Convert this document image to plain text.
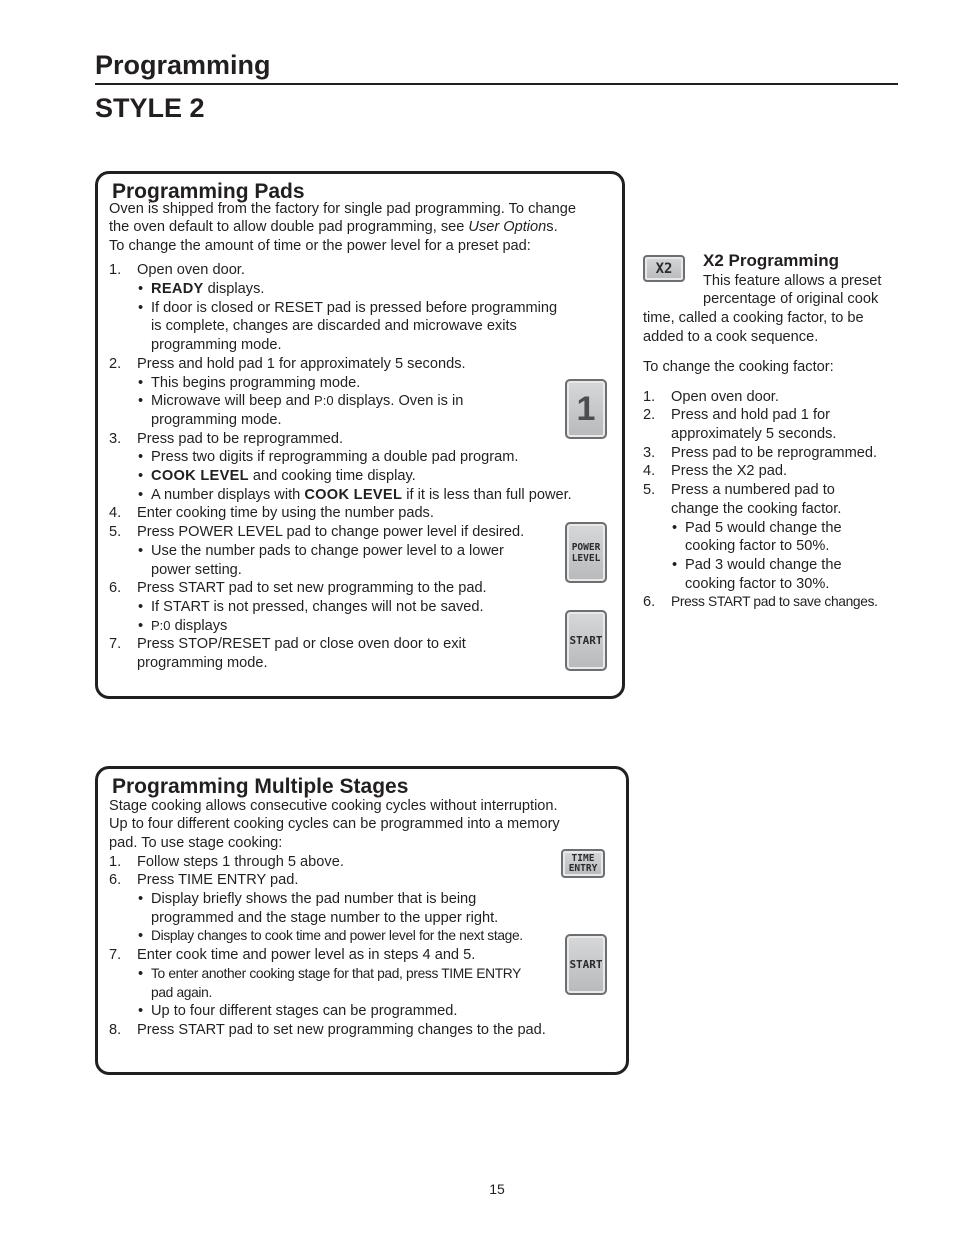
Programming
STYLE 2
Programming Pads
Oven is shipped from the factory for single pad programming. To change
the oven default to allow double pad programming, see User Options.
To change the amount of time or the power level for a preset pad:
1.
2.
3.
4.
5.
6.
7.
•
•
•
•
•
•
•
•
•
•
Open oven door.
READY displays.
If door is closed or RESET pad is pressed before programming
is complete, changes are discarded and microwave exits
programming mode.
Press and hold pad 1 for approximately 5 seconds.
This begins programming mode.
Microwave will beep and P:0 displays. Oven is in
programming mode.
Press pad to be reprogrammed.
Press two digits if reprogramming a double pad program.
COOK LEVEL and cooking time display.
A number displays with COOK LEVEL if it is less than full power.
Enter cooking time by using the number pads.
Press POWER LEVEL pad to change power level if desired.
Use the number pads to change power level to a lower
power setting.
Press START pad to set new programming to the pad.
If START is not pressed, changes will not be saved.
P:0 displays
Press STOP/RESET pad or close oven door to exit
programming mode.
1
POWER
LEVEL
START
X2 X2 Programming
This feature allows a preset
percentage of original cook
time, called a cooking factor, to be
added to a cook sequence.
To change the cooking factor:
1.
2.
3.
4.
5.
6.
•
•
Open oven door.
Press and hold pad 1 for
approximately 5 seconds.
Press pad to be reprogrammed.
Press the X2 pad.
Press a numbered pad to
change the cooking factor.
Pad 5 would change the
cooking factor to 50%.
Pad 3 would change the
cooking factor to 30%.
Press START pad to save changes.
Programming Multiple Stages
Stage cooking allows consecutive cooking cycles without interruption.
Up to four different cooking cycles can be programmed into a memory
pad. To use stage cooking:
1.
6.
7.
8.
•
•
•
•
Follow steps 1 through 5 above.
Press TIME ENTRY pad.
Display briefly shows the pad number that is being
programmed and the stage number to the upper right.
Display changes to cook time and power level for the next stage.
Enter cook time and power level as in steps 4 and 5.
To enter another cooking stage for that pad, press TIME ENTRY
pad again.
Up to four different stages can be programmed.
Press START pad to set new programming changes to the pad.
TIME
ENTRY
START
15
